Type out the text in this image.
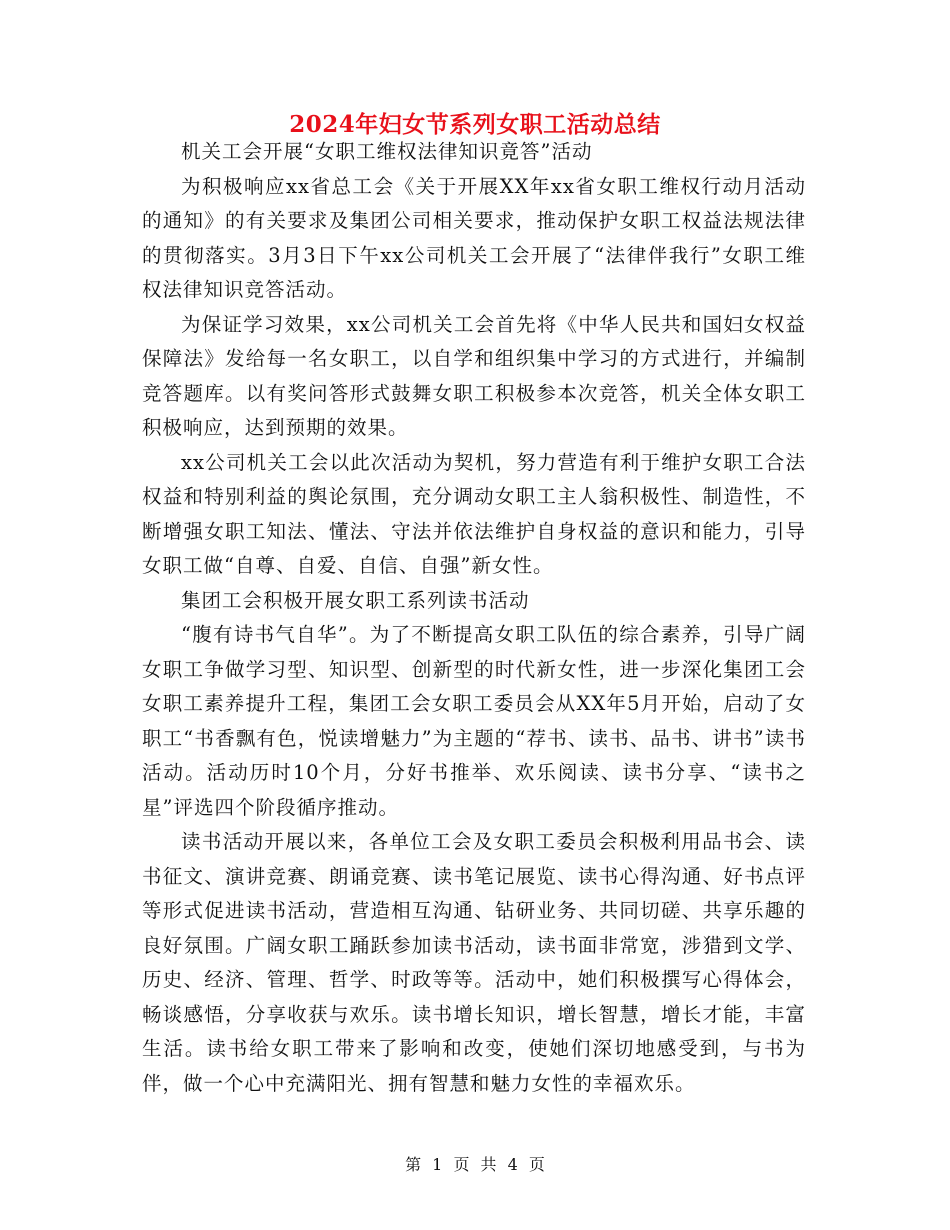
2024年妇女节系列女职工活动总结

机关工会开展“女职工维权法律知识竟答”活动

为积极响应xx省总工会《关于开展XX年xx省女职工维权行动月活动的通知》的有关要求及集团公司相关要求，推动保护女职工权益法规法律的贯彻落实。3月3日下午xx公司机关工会开展了“法律伴我行”女职工维权法律知识竞答活动。

为保证学习效果，xx公司机关工会首先将《中华人民共和国妇女权益保障法》发给每一名女职工，以自学和组织集中学习的方式进行，并编制竞答题库。以有奖问答形式鼓舞女职工积极参本次竞答，机关全体女职工积极响应，达到预期的效果。

xx公司机关工会以此次活动为契机，努力营造有利于维护女职工合法权益和特别利益的舆论氛围，充分调动女职工主人翁积极性、制造性，不断增强女职工知法、懂法、守法并依法维护自身权益的意识和能力，引导女职工做“自尊、自爱、自信、自强”新女性。

集团工会积极开展女职工系列读书活动

“腹有诗书气自华”。为了不断提高女职工队伍的综合素养，引导广阔女职工争做学习型、知识型、创新型的时代新女性，进一步深化集团工会女职工素养提升工程，集团工会女职工委员会从XX年5月开始，启动了女职工“书香飘有色，悦读增魅力”为主题的“荐书、读书、品书、讲书”读书活动。活动历时10个月，分好书推举、欢乐阅读、读书分享、“读书之星”评选四个阶段循序推动。

读书活动开展以来，各单位工会及女职工委员会积极利用品书会、读书征文、演讲竞赛、朗诵竞赛、读书笔记展览、读书心得沟通、好书点评等形式促进读书活动，营造相互沟通、钻研业务、共同切磋、共享乐趣的良好氛围。广阔女职工踊跃参加读书活动，读书面非常宽，涉猎到文学、历史、经济、管理、哲学、时政等等。活动中，她们积极撰写心得体会，畅谈感悟，分享收获与欢乐。读书增长知识，增长智慧，增长才能，丰富生活。读书给女职工带来了影响和改变，使她们深切地感受到，与书为伴，做一个心中充满阳光、拥有智慧和魅力女性的幸福欢乐。

第 1 页 共 4 页
